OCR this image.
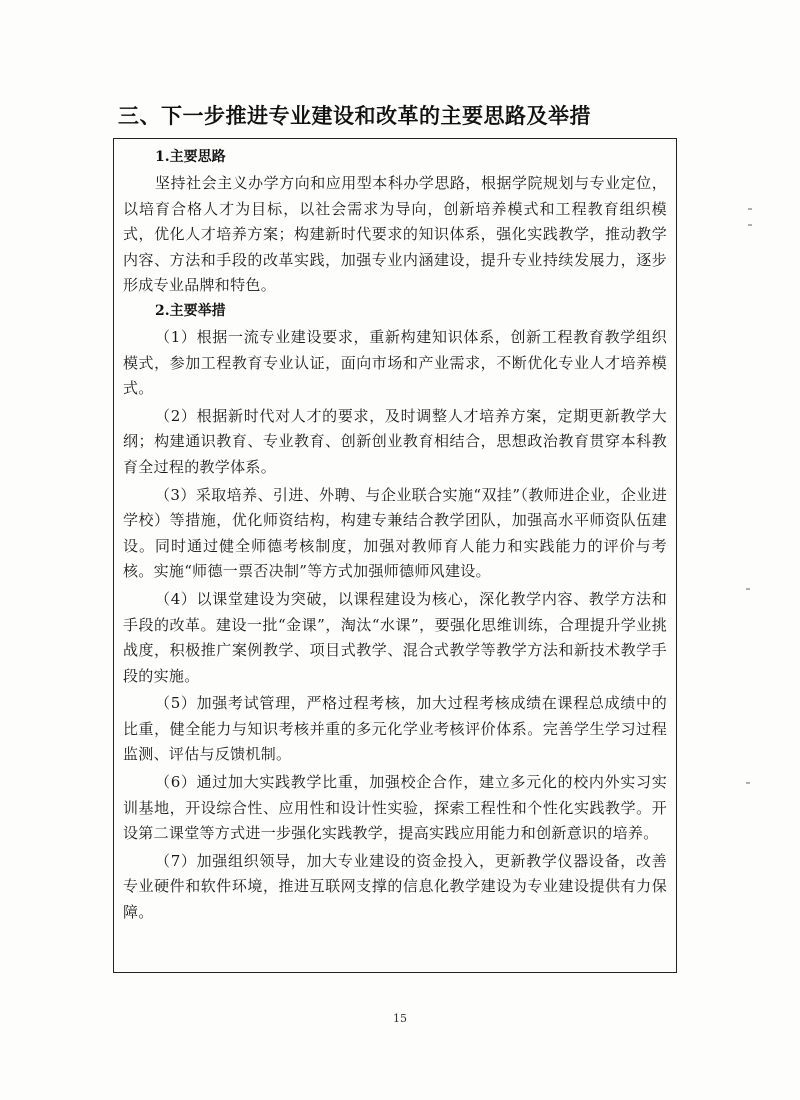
三、下一步推进专业建设和改革的主要思路及举措
1.主要思路

坚持社会主义办学方向和应用型本科办学思路，根据学院规划与专业定位，以培育合格人才为目标，以社会需求为导向，创新培养模式和工程教育组织模式，优化人才培养方案；构建新时代要求的知识体系，强化实践教学，推动教学内容、方法和手段的改革实践，加强专业内涵建设，提升专业持续发展力，逐步形成专业品牌和特色。

2.主要举措

（1）根据一流专业建设要求，重新构建知识体系，创新工程教育教学组织模式，参加工程教育专业认证，面向市场和产业需求，不断优化专业人才培养模式。

（2）根据新时代对人才的要求，及时调整人才培养方案，定期更新教学大纲；构建通识教育、专业教育、创新创业教育相结合，思想政治教育贯穿本科教育全过程的教学体系。

（3）采取培养、引进、外聘、与企业联合实施“双挂”（教师进企业，企业进学校）等措施，优化师资结构，构建专兼结合教学团队，加强高水平师资队伍建设。同时通过健全师德考核制度，加强对教师育人能力和实践能力的评价与考核。实施“师德一票否决制”等方式加强师德师风建设。

（4）以课堂建设为突破，以课程建设为核心，深化教学内容、教学方法和手段的改革。建设一批“金课”，淘汰“水课”，要强化思维训练，合理提升学业挑战度，积极推广案例教学、项目式教学、混合式教学等教学方法和新技术教学手段的实施。

（5）加强考试管理，严格过程考核，加大过程考核成绩在课程总成绩中的比重，健全能力与知识考核并重的多元化学业考核评价体系。完善学生学习过程监测、评估与反馈机制。

（6）通过加大实践教学比重，加强校企合作，建立多元化的校内外实习实训基地，开设综合性、应用性和设计性实验，探索工程性和个性化实践教学。开设第二课堂等方式进一步强化实践教学，提高实践应用能力和创新意识的培养。

（7）加强组织领导，加大专业建设的资金投入，更新教学仪器设备，改善专业硬件和软件环境，推进互联网支撑的信息化教学建设为专业建设提供有力保障。

15
